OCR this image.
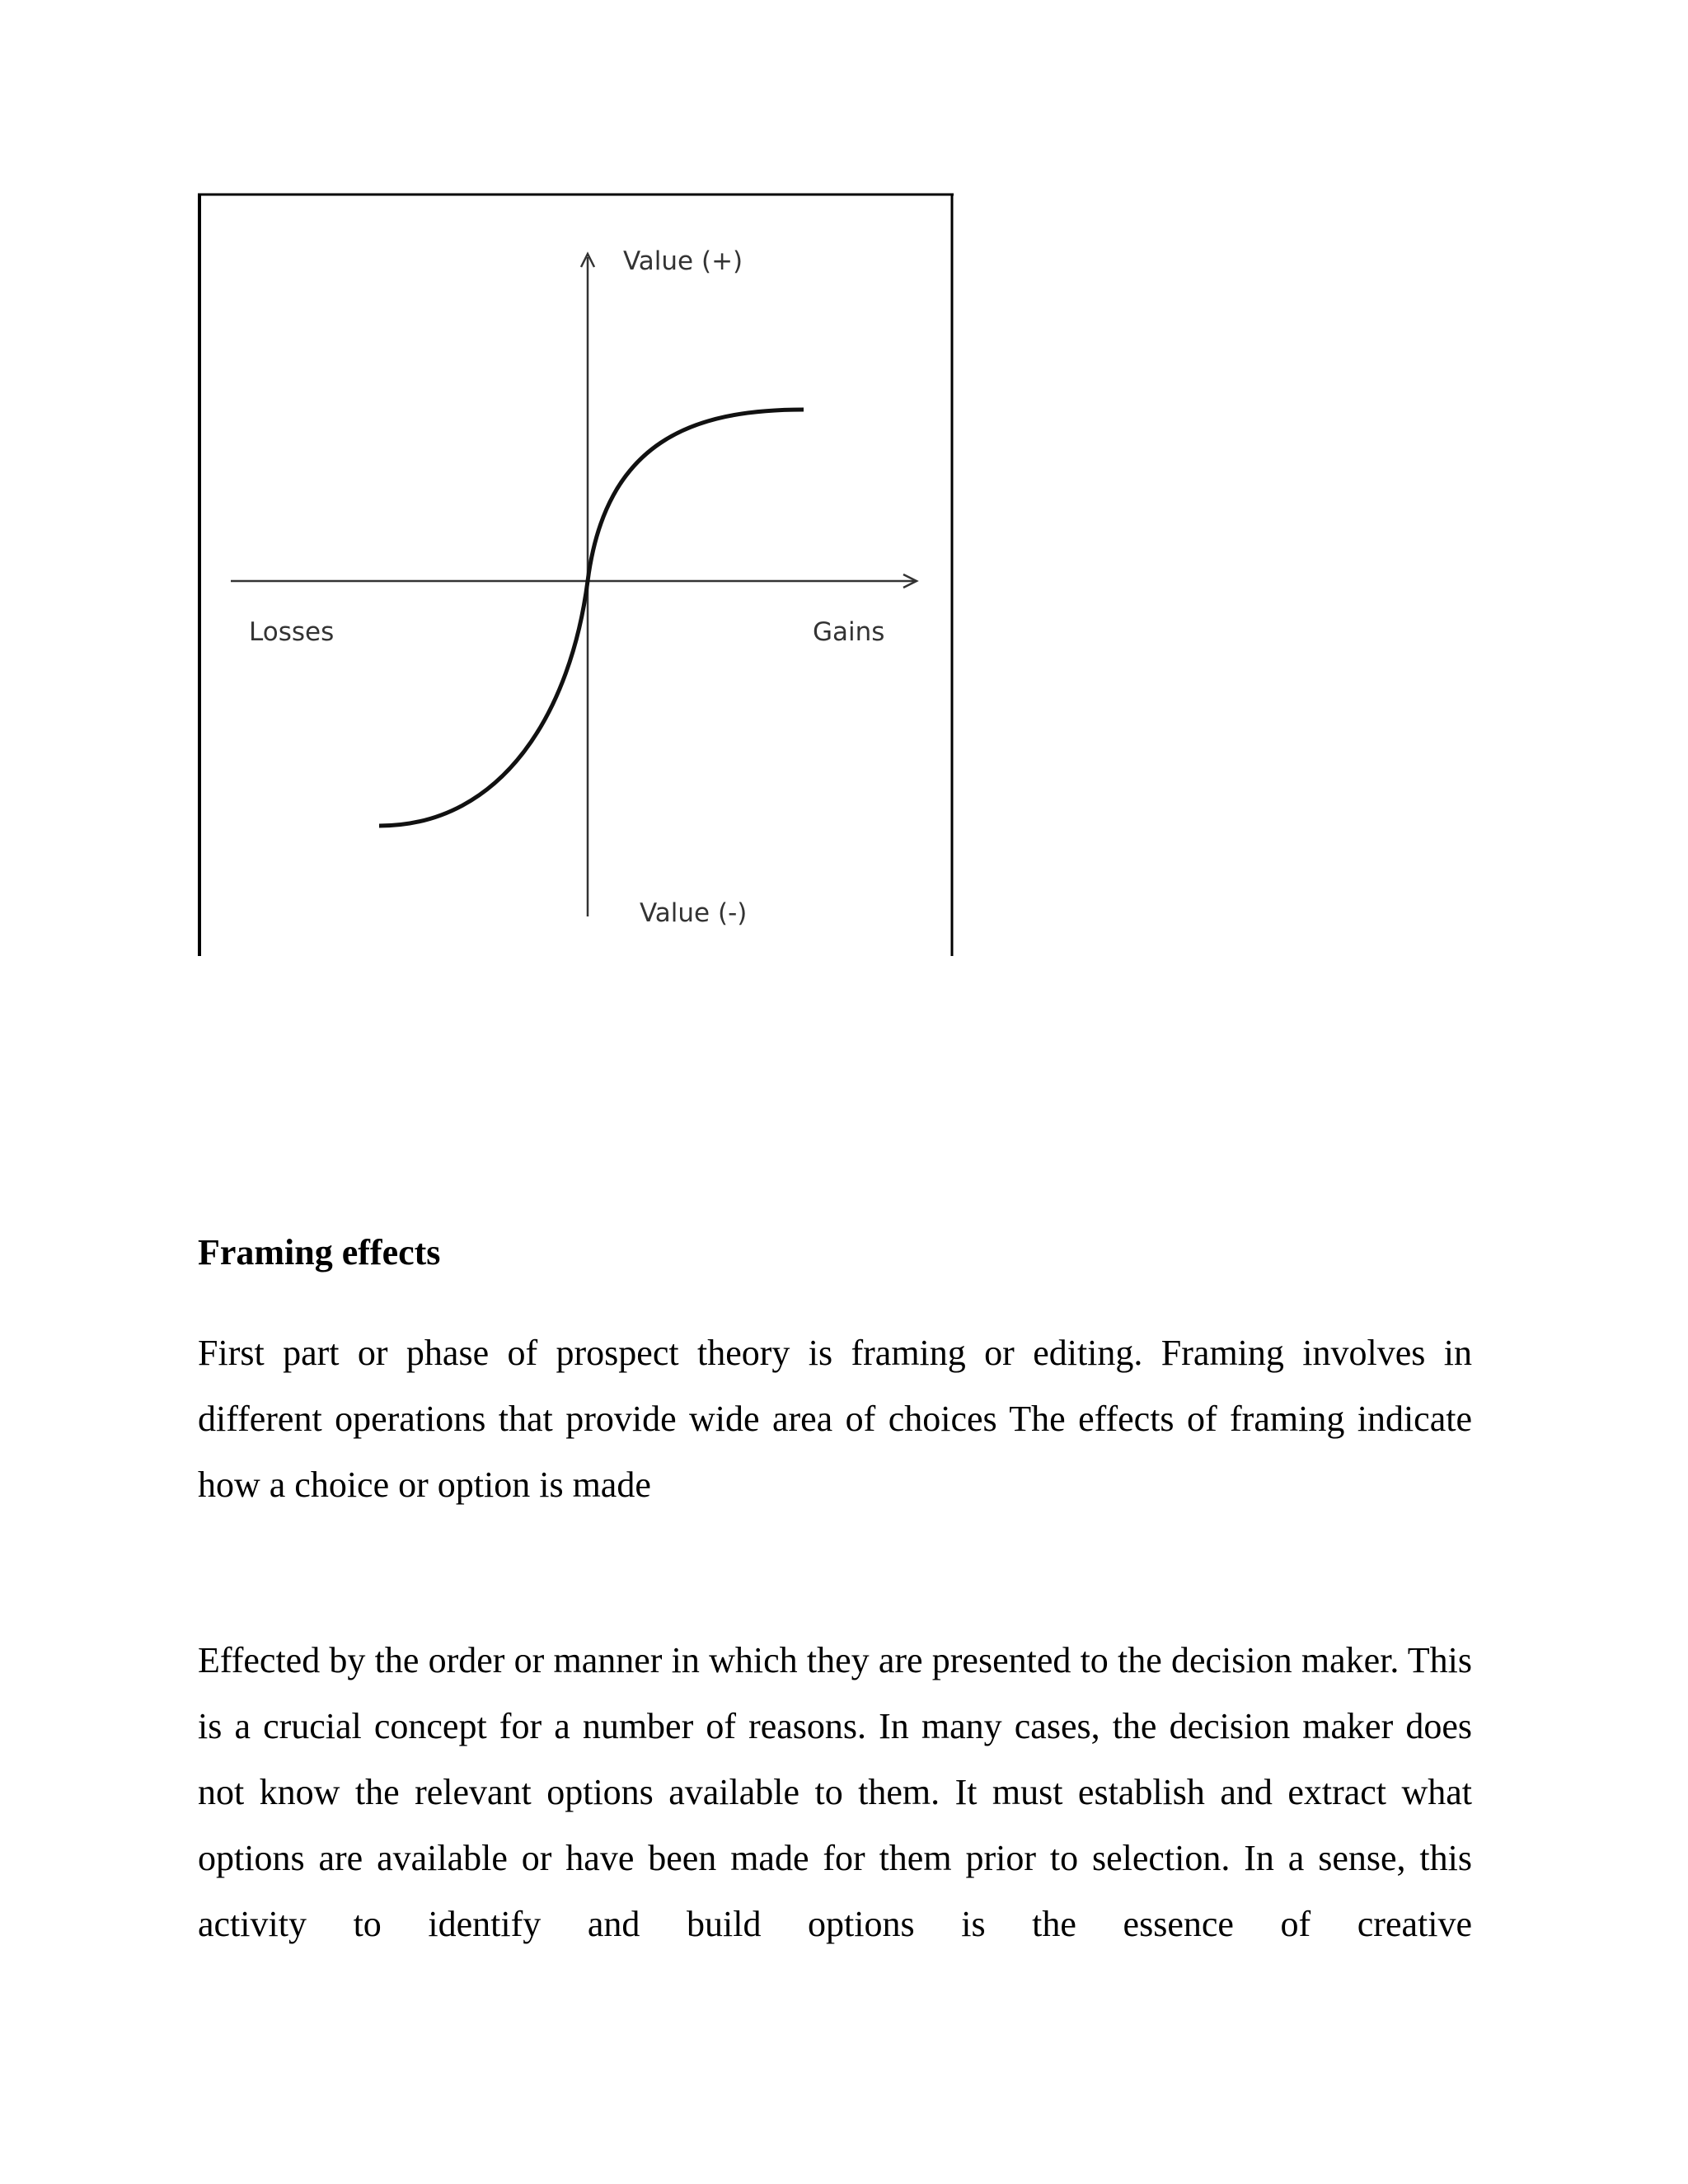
Value (+)
Value (-)
Losses	Gains
Framing effects

First part or phase of prospect theory is framing or editing. Framing involves in different operations that provide wide area of choices The effects of framing indicate how a choice or option is made

Effected by the order or manner in which they are presented to the decision maker. This is a crucial concept for a number of reasons. In many cases, the decision maker does not know the relevant options available to them. It must establish and extract what options are available or have been made for them prior to selection. In a sense, this activity to identify and build options is the essence of creative
